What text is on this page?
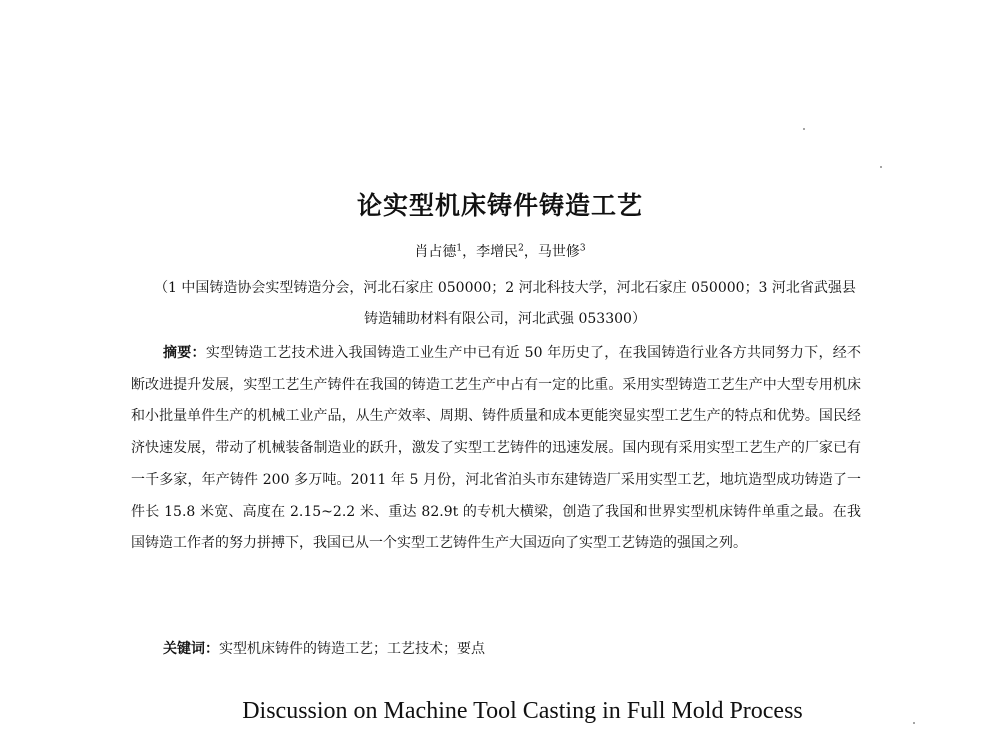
论实型机床铸件铸造工艺
肖占德$^1$，李增民$^2$，马世修$^3$
（1 中国铸造协会实型铸造分会，河北石家庄 050000；2 河北科技大学，河北石家庄 050000；3 河北省武强县铸造辅助材料有限公司，河北武强 053300）
摘要：实型铸造工艺技术进入我国铸造工业生产中已有近 50 年历史了，在我国铸造行业各方共同努力下，经不断改进提升发展，实型工艺生产铸件在我国的铸造工艺生产中占有一定的比重。采用实型铸造工艺生产中大型专用机床和小批量单件生产的机械工业产品，从生产效率、周期、铸件质量和成本更能突显实型工艺生产的特点和优势。国民经济快速发展，带动了机械装备制造业的跃升，激发了实型工艺铸件的迅速发展。国内现有采用实型工艺生产的厂家已有一千多家，年产铸件 200 多万吨。2011 年 5 月份，河北省泊头市东建铸造厂采用实型工艺，地坑造型成功铸造了一件长 15.8 米宽、高度在 2.15~2.2 米、重达 82.9t 的专机大横梁，创造了我国和世界实型机床铸件单重之最。在我国铸造工作者的努力拼搏下，我国已从一个实型工艺铸件生产大国迈向了实型工艺铸造的强国之列。
关键词：实型机床铸件的铸造工艺；工艺技术；要点
Discussion on Machine Tool Casting in Full Mold Process
